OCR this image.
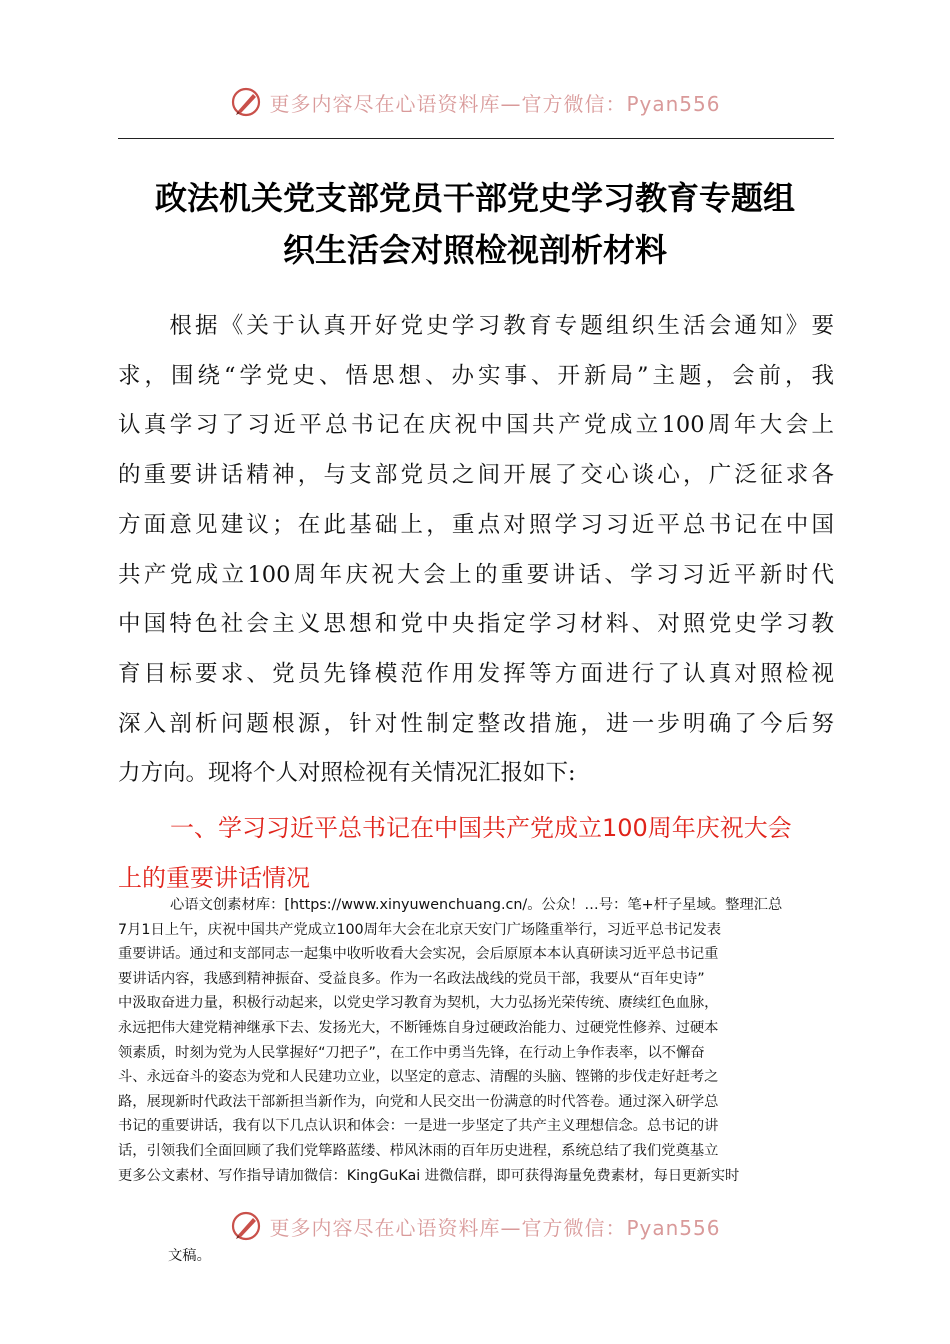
更多内容尽在心语资料库—官方微信：Pyan556
政法机关党支部党员干部党史学习教育专题组
织生活会对照检视剖析材料
　　根据《关于认真开好党史学习教育专题组织生活会通知》要
求，围绕“学党史、悟思想、办实事、开新局”主题，会前，我
认真学习了习近平总书记在庆祝中国共产党成立100周年大会上
的重要讲话精神，与支部党员之间开展了交心谈心，广泛征求各
方面意见建议；在此基础上，重点对照学习习近平总书记在中国
共产党成立100周年庆祝大会上的重要讲话、学习习近平新时代
中国特色社会主义思想和党中央指定学习材料、对照党史学习教
育目标要求、党员先锋模范作用发挥等方面进行了认真对照检视
深入剖析问题根源，针对性制定整改措施，进一步明确了今后努
力方向。现将个人对照检视有关情况汇报如下:
一、学习习近平总书记在中国共产党成立100周年庆祝大会
上的重要讲话情况
心语文创素材库：[https://www.xinyuwenchuang.cn/。公众！…号：笔+杆子星域。整理汇总
7月1日上午，庆祝中国共产党成立100周年大会在北京天安门广场隆重举行，习近平总书记发表
重要讲话。通过和支部同志一起集中收听收看大会实况，会后原原本本认真研读习近平总书记重
要讲话内容，我感到精神振奋、受益良多。作为一名政法战线的党员干部，我要从“百年史诗”
中汲取奋进力量，积极行动起来，以党史学习教育为契机，大力弘扬光荣传统、赓续红色血脉，
永远把伟大建党精神继承下去、发扬光大，不断锤炼自身过硬政治能力、过硬党性修养、过硬本
领素质，时刻为党为人民掌握好“刀把子”，在工作中勇当先锋，在行动上争作表率，以不懈奋
斗、永远奋斗的姿态为党和人民建功立业，以坚定的意志、清醒的头脑、铿锵的步伐走好赶考之
路，展现新时代政法干部新担当新作为，向党和人民交出一份满意的时代答卷。通过深入研学总
书记的重要讲话，我有以下几点认识和体会：一是进一步坚定了共产主义理想信念。总书记的讲
话，引领我们全面回顾了我们党筚路蓝缕、栉风沐雨的百年历史进程，系统总结了我们党奠基立
更多公文素材、写作指导请加微信：KingGuKai 进微信群，即可获得海量免费素材，每日更新实时
更多内容尽在心语资料库—官方微信：Pyan556
文稿。
